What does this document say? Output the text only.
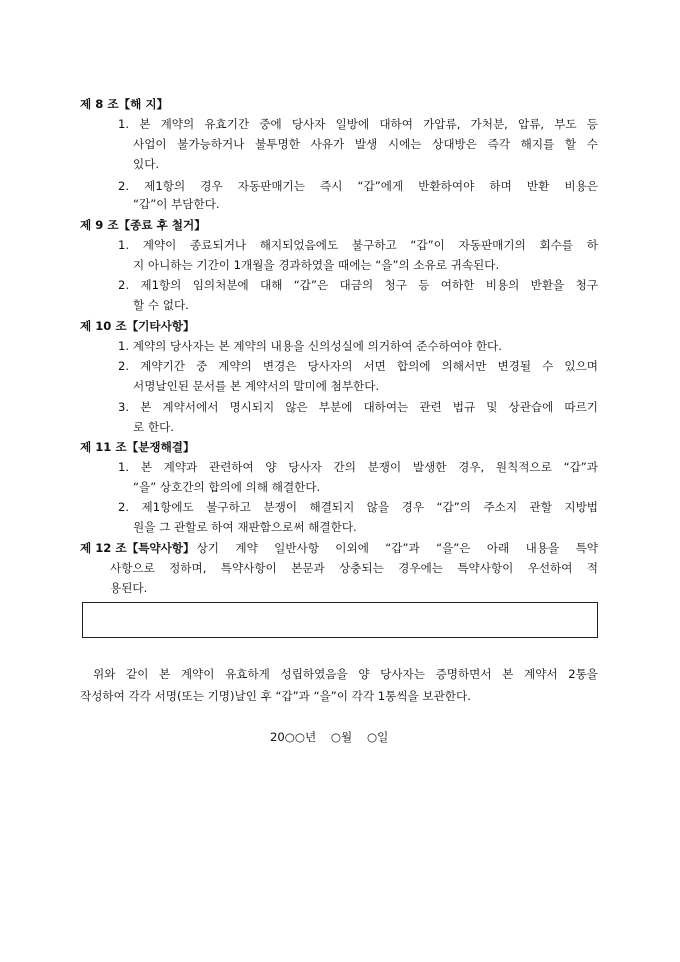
제 8 조【해 지】
1. 본 계약의 유효기간 중에 당사자 일방에 대하여 가압류, 가처분, 압류, 부도 등
사업이 불가능하거나 불투명한 사유가 발생 시에는 상대방은 즉각 해지를 할 수
있다.
2. 제1항의 경우 자동판매기는 즉시 “갑”에게 반환하여야 하며 반환 비용은
“갑”이 부담한다.
제 9 조【종료 후 철거】
1. 계약이 종료되거나 해지되었음에도 불구하고 “갑”이 자동판매기의 회수를 하
지 아니하는 기간이 1개월을 경과하였을 때에는 “을”의 소유로 귀속된다.
2. 제1항의 임의처분에 대해 “갑”은 대금의 청구 등 여하한 비용의 반환을 청구
할 수 없다.
제 10 조【기타사항】
1. 계약의 당사자는 본 계약의 내용을 신의성실에 의거하여 준수하여야 한다.
2. 계약기간 중 계약의 변경은 당사자의 서면 합의에 의해서만 변경될 수 있으며
서명날인된 문서를 본 계약서의 말미에 첨부한다.
3. 본 계약서에서 명시되지 않은 부분에 대하여는 관련 법규 및 상관습에 따르기
로 한다.
제 11 조【분쟁해결】
1. 본 계약과 관련하여 양 당사자 간의 분쟁이 발생한 경우, 원칙적으로 “갑”과
“을” 상호간의 합의에 의해 해결한다.
2. 제1항에도 불구하고 분쟁이 해결되지 않을 경우 “갑”의 주소지 관할 지방법
원을 그 관할로 하여 재판함으로써 해결한다.
제 12 조【특약사항】 상기 계약 일반사항 이외에 “갑”과 “을”은 아래 내용을 특약
사항으로 정하며, 특약사항이 본문과 상충되는 경우에는 특약사항이 우선하여 적
용된다.
위와 같이 본 계약이 유효하게 성립하였음을 양 당사자는 증명하면서 본 계약서 2통을
작성하여 각각 서명(또는 기명)날인 후 “갑”과 “을”이 각각 1통씩을 보관한다.
20○○년    ○월    ○일
